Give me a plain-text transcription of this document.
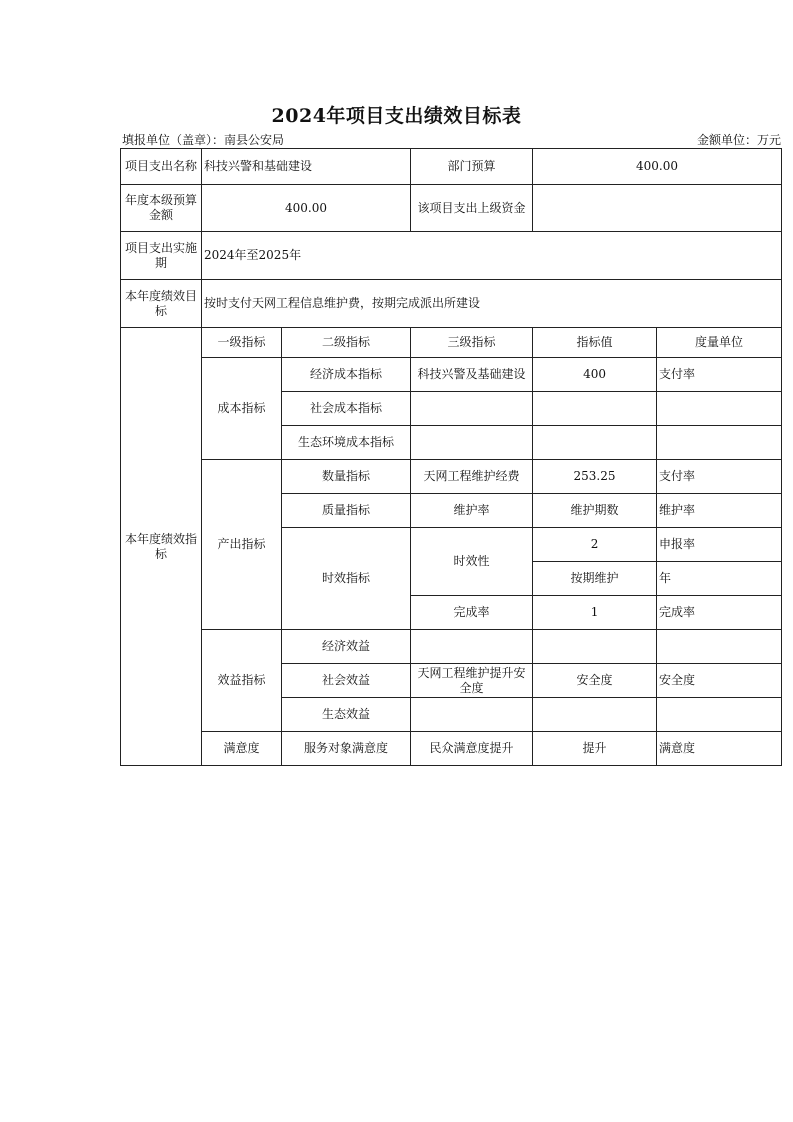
2024年项目支出绩效目标表
填报单位（盖章）：南县公安局	金额单位：万元
项目支出名称	科技兴警和基础建设		部门预算	400.00	
年度本级预算金额	400.00		该项目支出上级资金		
项目支出实施期	2024年至2025年				
本年度绩效目标	按时支付天网工程信息维护费，按期完成派出所建设				
本年度绩效指标	一级指标	二级指标	三级指标	指标值	度量单位
	成本指标	经济成本指标	科技兴警及基础建设	400	支付率
		社会成本指标			
		生态环境成本指标			
	产出指标	数量指标	天网工程维护经费	253.25	支付率
		质量指标	维护率	维护期数	维护率
		时效指标	时效性	2	申报率
				按期维护	年
			完成率	1	完成率
	效益指标	经济效益			
		社会效益	天网工程维护提升安全度	安全度	安全度
		生态效益			
	满意度	服务对象满意度	民众满意度提升	提升	满意度
